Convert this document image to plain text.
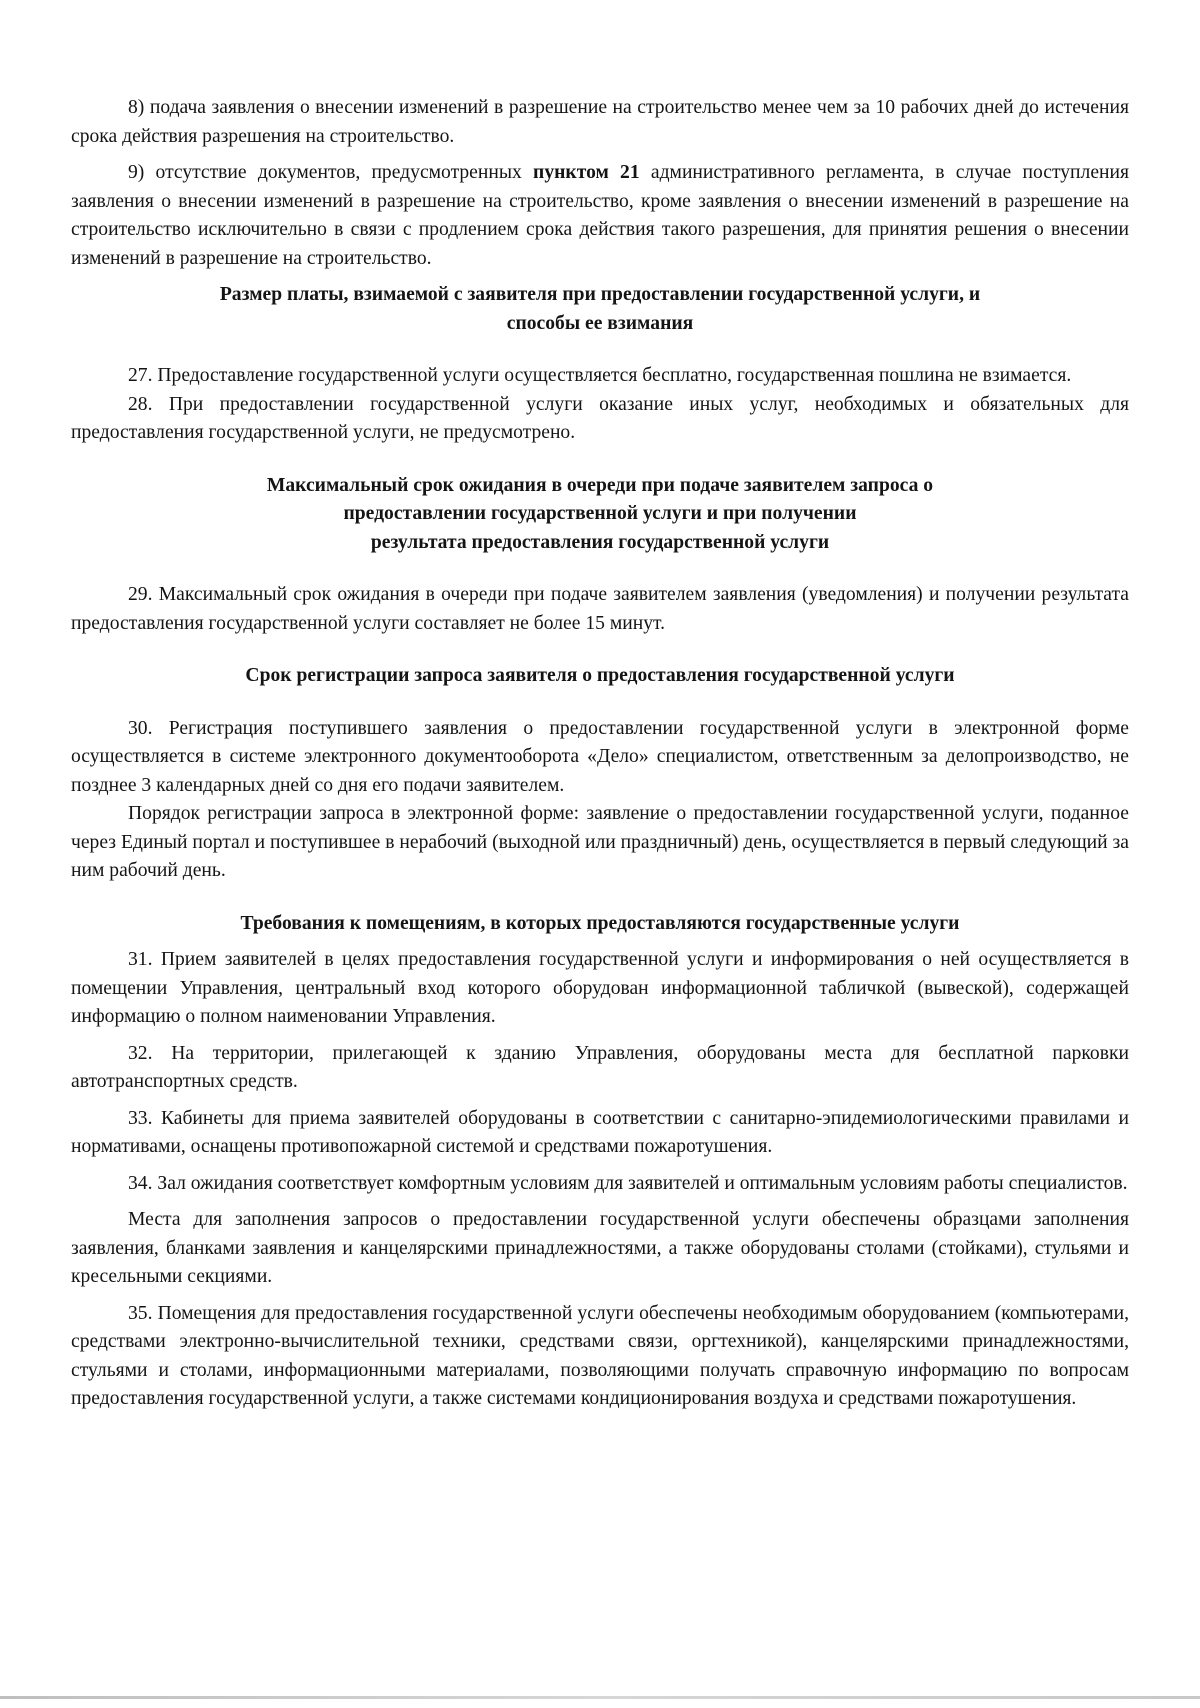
8) подача заявления о внесении изменений в разрешение на строительство менее чем за 10 рабочих дней до истечения срока действия разрешения на строительство.

9) отсутствие документов, предусмотренных пунктом 21 административного регламента, в случае поступления заявления о внесении изменений в разрешение на строительство, кроме заявления о внесении изменений в разрешение на строительство исключительно в связи с продлением срока действия такого разрешения, для принятия решения о внесении изменений в разрешение на строительство.

Размер платы, взимаемой с заявителя при предоставлении государственной услуги, и
способы ее взимания

27. Предоставление государственной услуги осуществляется бесплатно, государственная пошлина не взимается.

28. При предоставлении государственной услуги оказание иных услуг, необходимых и обязательных для предоставления государственной услуги, не предусмотрено.

Максимальный срок ожидания в очереди при подаче заявителем запроса о
предоставлении государственной услуги и при получении
результата предоставления государственной услуги

29. Максимальный срок ожидания в очереди при подаче заявителем заявления (уведомления) и получении результата предоставления государственной услуги составляет не более 15 минут.

Срок регистрации запроса заявителя о предоставления государственной услуги

30. Регистрация поступившего заявления о предоставлении государственной услуги в электронной форме осуществляется в системе электронного документооборота «Дело» специалистом, ответственным за делопроизводство, не позднее 3 календарных дней со дня его подачи заявителем.

Порядок регистрации запроса в электронной форме: заявление о предоставлении государственной услуги, поданное через Единый портал и поступившее в нерабочий (выходной или праздничный) день, осуществляется в первый следующий за ним рабочий день.

Требования к помещениям, в которых предоставляются государственные услуги

31. Прием заявителей в целях предоставления государственной услуги и информирования о ней осуществляется в помещении Управления, центральный вход которого оборудован информационной табличкой (вывеской), содержащей информацию о полном наименовании Управления.

32. На территории, прилегающей к зданию Управления, оборудованы места для бесплатной парковки автотранспортных средств.

33. Кабинеты для приема заявителей оборудованы в соответствии с санитарно-эпидемиологическими правилами и нормативами, оснащены противопожарной системой и средствами пожаротушения.

34. Зал ожидания соответствует комфортным условиям для заявителей и оптимальным условиям работы специалистов.

Места для заполнения запросов о предоставлении государственной услуги обеспечены образцами заполнения заявления, бланками заявления и канцелярскими принадлежностями, а также оборудованы столами (стойками), стульями и кресельными секциями.

35. Помещения для предоставления государственной услуги обеспечены необходимым оборудованием (компьютерами, средствами электронно-вычислительной техники, средствами связи, оргтехникой), канцелярскими принадлежностями, стульями и столами, информационными материалами, позволяющими получать справочную информацию по вопросам предоставления государственной услуги, а также системами кондиционирования воздуха и средствами пожаротушения.
